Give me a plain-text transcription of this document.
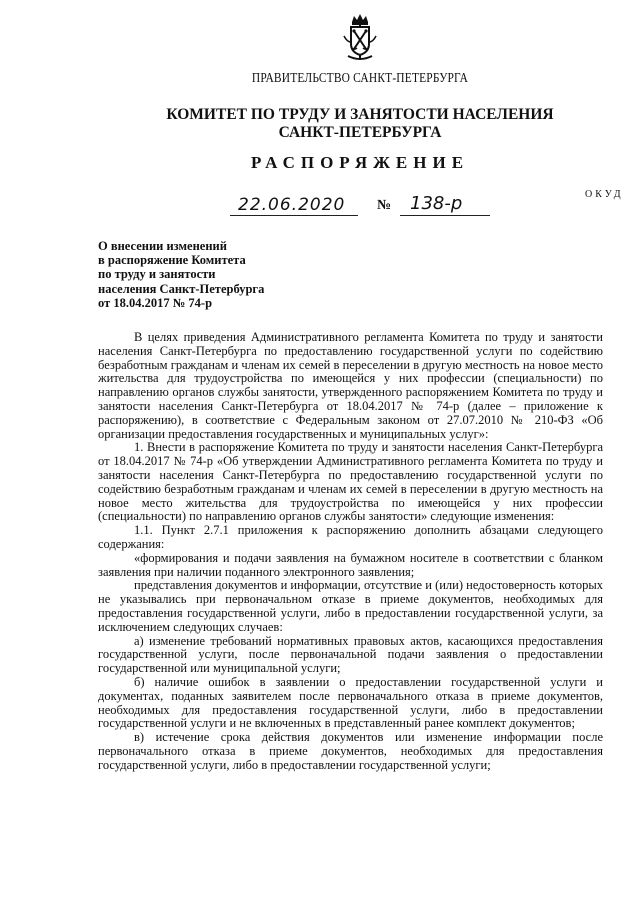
ПРАВИТЕЛЬСТВО САНКТ-ПЕТЕРБУРГА
КОМИТЕТ ПО ТРУДУ И ЗАНЯТОСТИ НАСЕЛЕНИЯ
САНКТ-ПЕТЕРБУРГА
РАСПОРЯЖЕНИЕ
ОКУД
22.06.2020 № 138-р
О внесении изменений
в распоряжение Комитета
по труду и занятости
населения Санкт-Петербурга
от 18.04.2017 № 74-р

В целях приведения Административного регламента Комитета по труду и занятости населения Санкт-Петербурга по предоставлению государственной услуги по содействию безработным гражданам и членам их семей в переселении в другую местность на новое место жительства для трудоустройства по имеющейся у них профессии (специальности) по направлению органов службы занятости, утвержденного распоряжением Комитета по труду и занятости населения Санкт-Петербурга от 18.04.2017 № 74-р (далее – приложение к распоряжению), в соответствие с Федеральным законом от 27.07.2010 № 210-ФЗ «Об организации предоставления государственных и муниципальных услуг»:

1. Внести в распоряжение Комитета по труду и занятости населения Санкт-Петербурга от 18.04.2017 № 74-р «Об утверждении Административного регламента Комитета по труду и занятости населения Санкт-Петербурга по предоставлению государственной услуги по содействию безработным гражданам и членам их семей в переселении в другую местность на новое место жительства для трудоустройства по имеющейся у них профессии (специальности) по направлению органов службы занятости» следующие изменения:

1.1. Пункт 2.7.1 приложения к распоряжению дополнить абзацами следующего содержания:

«формирования и подачи заявления на бумажном носителе в соответствии с бланком заявления при наличии поданного электронного заявления;

представления документов и информации, отсутствие и (или) недостоверность которых не указывались при первоначальном отказе в приеме документов, необходимых для предоставления государственной услуги, либо в предоставлении государственной услуги, за исключением следующих случаев:

а) изменение требований нормативных правовых актов, касающихся предоставления государственной услуги, после первоначальной подачи заявления о предоставлении государственной или муниципальной услуги;

б) наличие ошибок в заявлении о предоставлении государственной услуги и документах, поданных заявителем после первоначального отказа в приеме документов, необходимых для предоставления государственной услуги, либо в предоставлении государственной услуги и не включенных в представленный ранее комплект документов;

в) истечение срока действия документов или изменение информации после первоначального отказа в приеме документов, необходимых для предоставления государственной услуги, либо в предоставлении государственной услуги;
